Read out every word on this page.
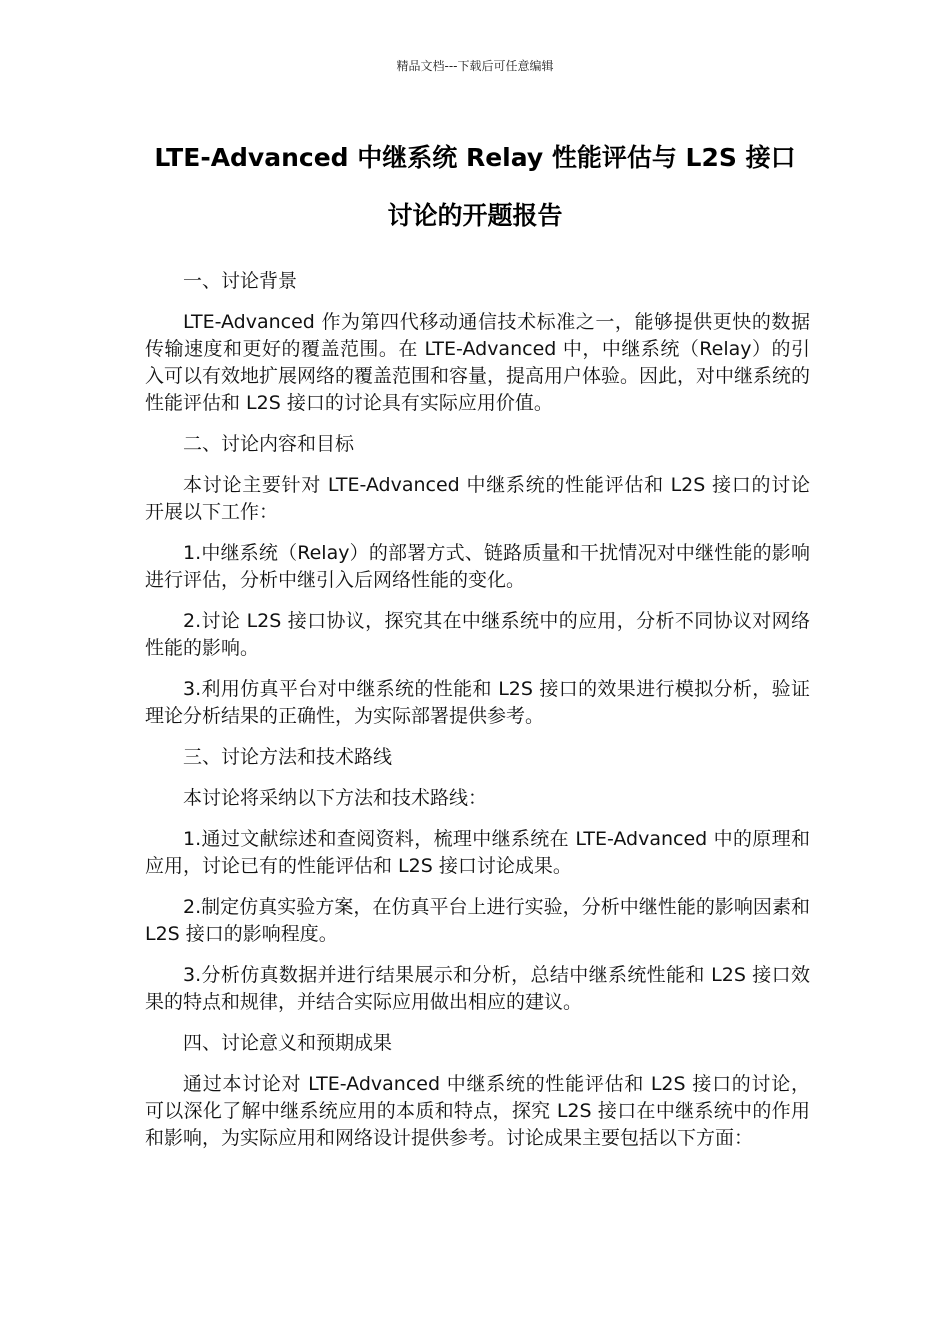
精品文档---下载后可任意编辑
LTE-Advanced 中继系统 Relay 性能评估与 L2S 接口
讨论的开题报告
一、讨论背景

LTE-Advanced 作为第四代移动通信技术标准之一，能够提供更快的数据传输速度和更好的覆盖范围。在 LTE-Advanced 中，中继系统（Relay）的引入可以有效地扩展网络的覆盖范围和容量，提高用户体验。因此，对中继系统的性能评估和 L2S 接口的讨论具有实际应用价值。

二、讨论内容和目标

本讨论主要针对 LTE-Advanced 中继系统的性能评估和 L2S 接口的讨论开展以下工作：

1.中继系统（Relay）的部署方式、链路质量和干扰情况对中继性能的影响进行评估，分析中继引入后网络性能的变化。

2.讨论 L2S 接口协议，探究其在中继系统中的应用，分析不同协议对网络性能的影响。

3.利用仿真平台对中继系统的性能和 L2S 接口的效果进行模拟分析，验证理论分析结果的正确性，为实际部署提供参考。

三、讨论方法和技术路线

本讨论将采纳以下方法和技术路线：

1.通过文献综述和查阅资料，梳理中继系统在 LTE-Advanced 中的原理和应用，讨论已有的性能评估和 L2S 接口讨论成果。

2.制定仿真实验方案，在仿真平台上进行实验，分析中继性能的影响因素和 L2S 接口的影响程度。

3.分析仿真数据并进行结果展示和分析，总结中继系统性能和 L2S 接口效果的特点和规律，并结合实际应用做出相应的建议。

四、讨论意义和预期成果

通过本讨论对 LTE-Advanced 中继系统的性能评估和 L2S 接口的讨论，可以深化了解中继系统应用的本质和特点，探究 L2S 接口在中继系统中的作用和影响，为实际应用和网络设计提供参考。讨论成果主要包括以下方面：
